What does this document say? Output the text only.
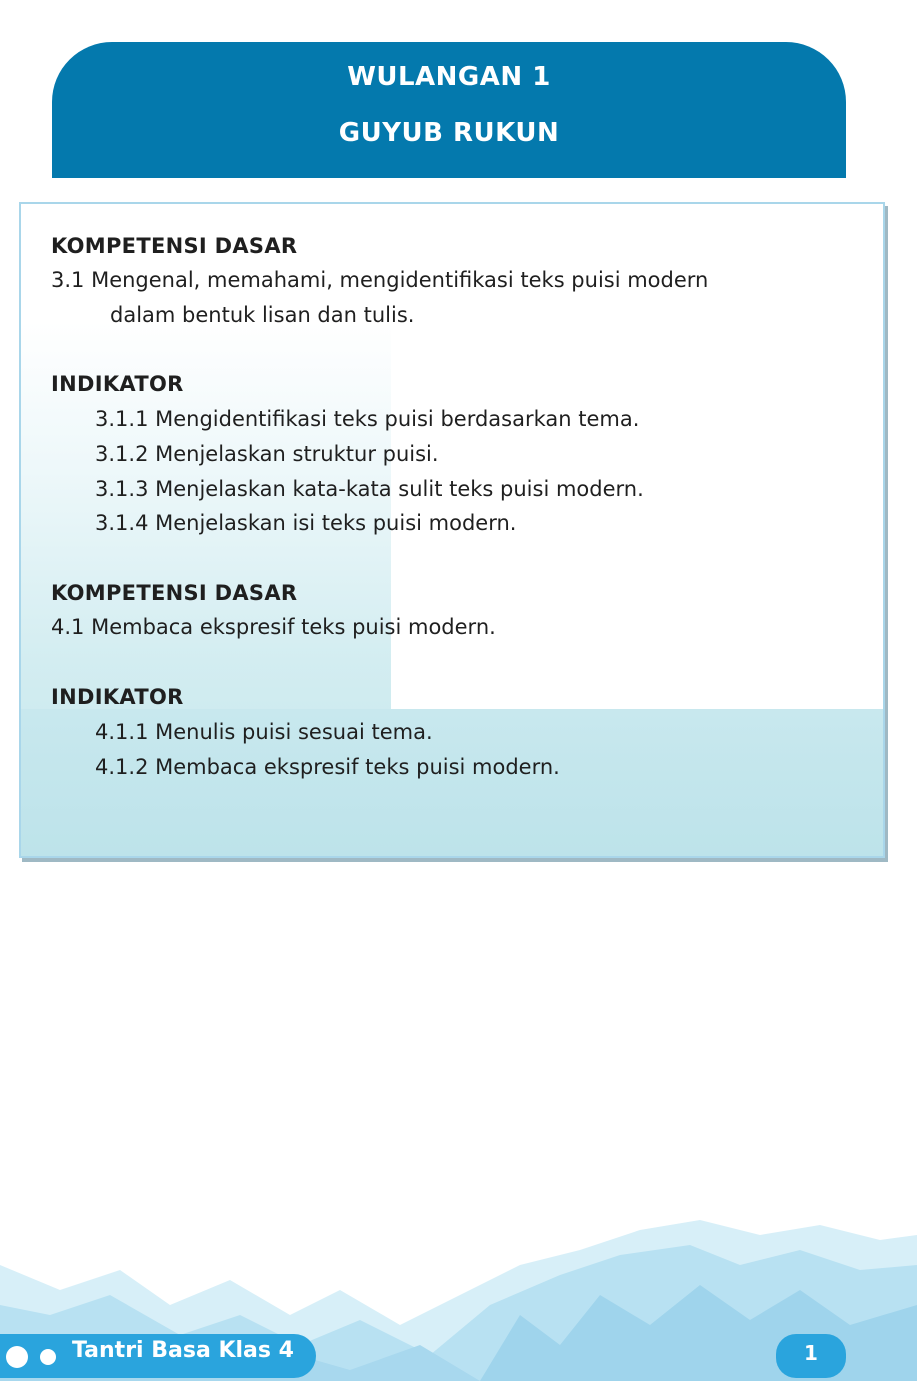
WULANGAN 1
GUYUB RUKUN
KOMPETENSI DASAR
3.1 Mengenal, memahami, mengidentifikasi teks puisi modern
dalam bentuk lisan dan tulis.
INDIKATOR
3.1.1 Mengidentifikasi teks puisi berdasarkan tema.
3.1.2 Menjelaskan struktur puisi.
3.1.3 Menjelaskan kata-kata sulit teks puisi modern.
3.1.4 Menjelaskan isi teks puisi modern.
KOMPETENSI DASAR
4.1 Membaca ekspresif teks puisi modern.
INDIKATOR
4.1.1 Menulis puisi sesuai tema.
4.1.2 Membaca ekspresif teks puisi modern.
Tantri Basa Klas 4	1
